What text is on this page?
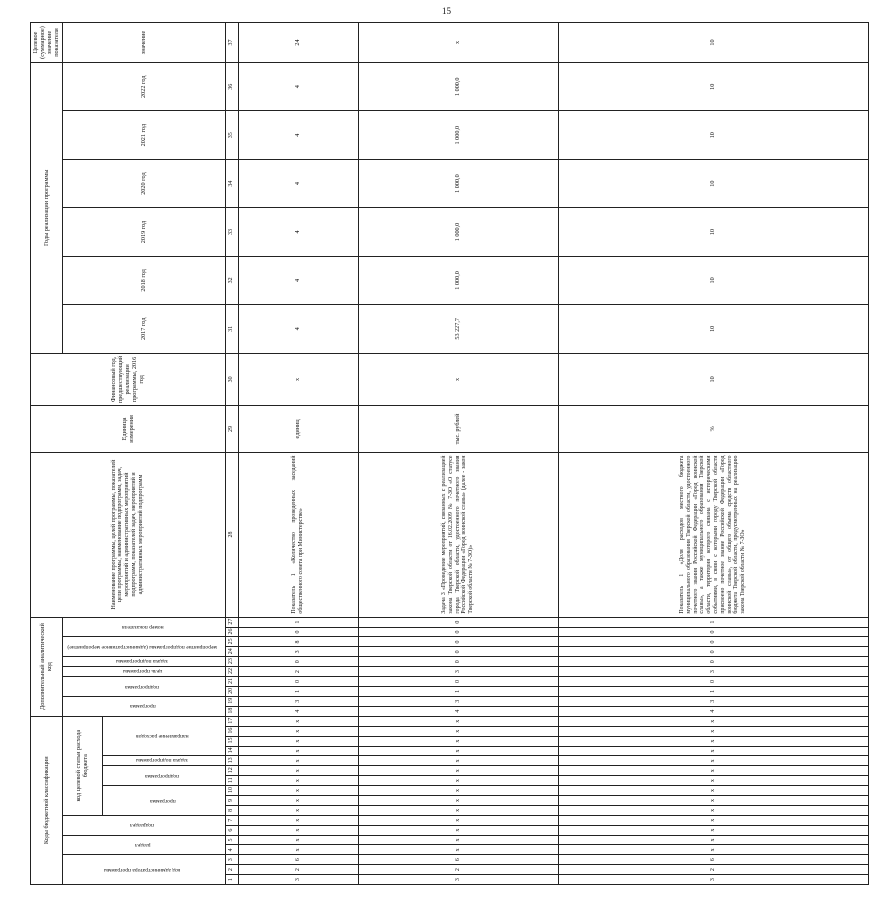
15
Коды бюджетной классификации																	Дополнительный аналитический код										Наименование программы, целей программы, показателей цели программы, наименование подпрограмм, задач, мероприятий и административных мероприятий подпрограмм, показателей задач, мероприятий и административных мероприятий подпрограмм	Единица измерения	Финансовый год, предшествующий реализации программы, 2016 год	Годы реализации программы						Целевое (суммарное) значение показателя
код администратора программы			раздел		подраздел		код целевой статьи расхода бюджета										программа		подпрограмма		цель программы	задача подпрограммы	мероприятие подпрограммы (административное мероприятие)		номер показателя					2017 год	2018 год	2019 год	2020 год	2021 год	2022 год	значение
							программа			подпрограмма		задача подпрограммы	направление расходов																							
1	2	3	4	5	6	7	8	9	10	11	12	13	14	15	16	17	18	19	20	21	22	23	24	25	26	27	28	29	30	31	32	33	34	35	36	37
3	2	6	x	x	x	x	x	x	x	x	x	x	x	x	x	x	4	3	1	0	2	0	3	8	0	1	Показатель 1 «Количество проведенных заседаний общественного совета при Министерстве»	единиц	x	4	4	4	4	4	4	24
3	2	6	x	x	x	x	x	x	x	x	x	x	x	x	x	x	4	3	1	0	3	0	0	0	0	0	Задача 3 «Проведение мероприятий, связанных с реализацией закона Тверской области от 16.02.2009 № 7-ЗО «О статусе города Тверской области, удостоенного почетного звания Российской Федерации «Город воинской славы» (далее - закон Тверской области № 7-ЗО)»	тыс. рублей	x	53 227,7	1 000,0	1 000,0	1 000,0	1 000,0	1 000,0	x
3	2	6	x	x	x	x	x	x	x	x	x	x	x	x	x	x	4	3	1	0	3	0	0	0	0	1	Показатель 1 «Доля расходов местного бюджета муниципального образования Тверской области, удостоенного почетного звания Российской Федерации «Город воинской славы», а также муниципального образования Тверской области, территория которого связана с историческими событиями, в связи с которыми городу Тверской области присвоено почетное звание Российской Федерации «Город воинской славы», от общего объема средств областного бюджета Тверской области, предусмотренных на реализацию закона Тверской области № 7-ЗО»	%	10	10	10	10	10	10	10	10
